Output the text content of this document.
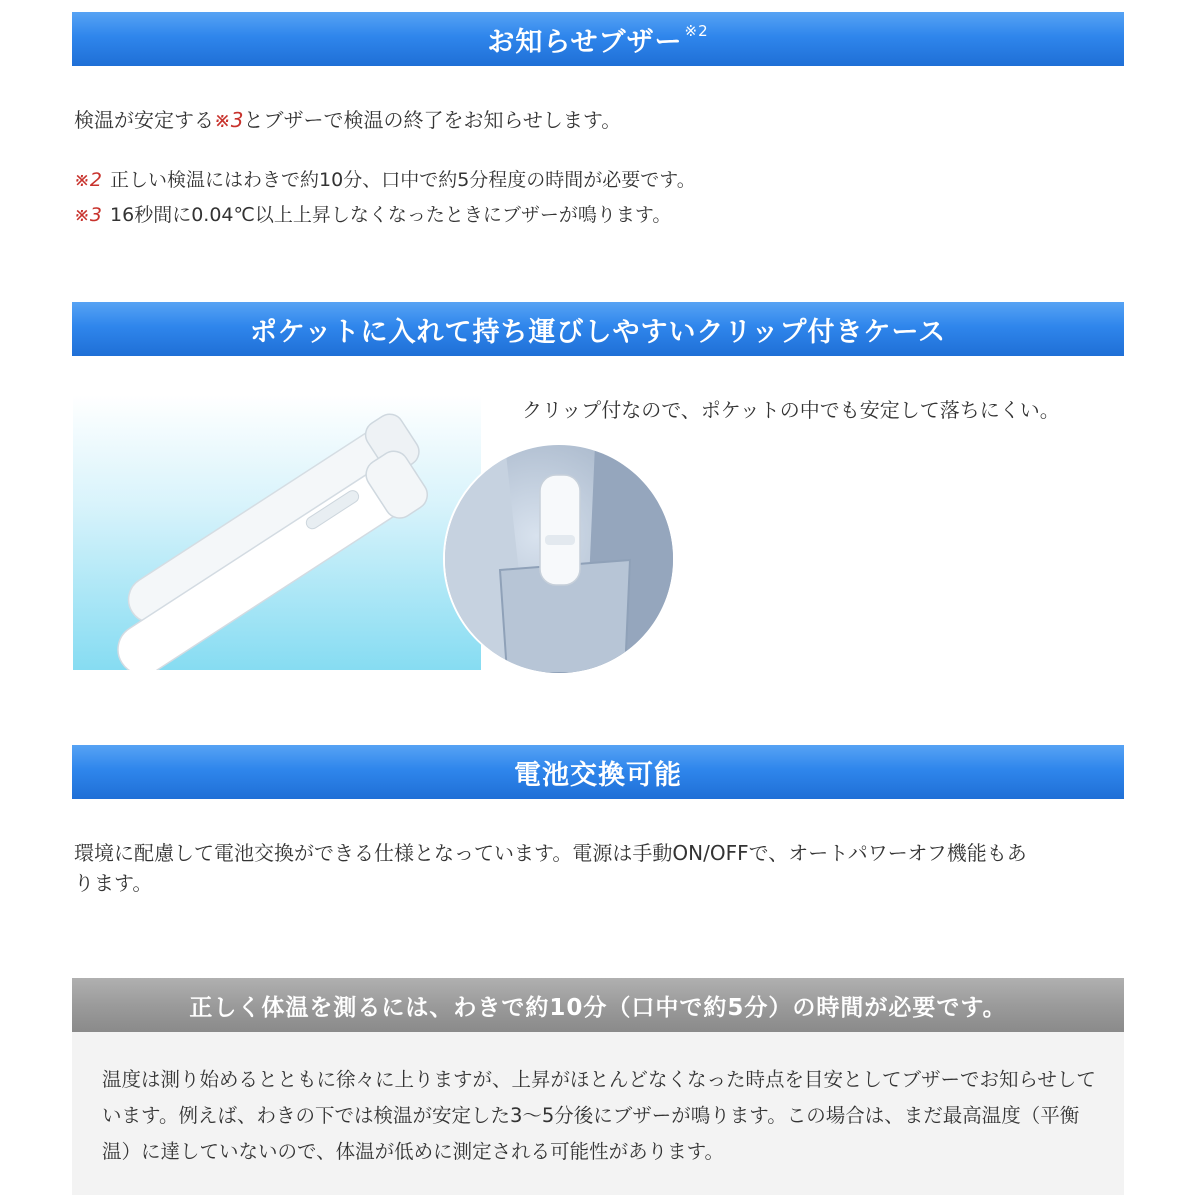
お知らせブザー$^{※2}$
検温が安定する※3とブザーで検温の終了をお知らせします。
※2 正しい検温にはわきで約10分、口中で約5分程度の時間が必要です。
※3 16秒間に0.04℃以上上昇しなくなったときにブザーが鳴ります。
ポケットに入れて持ち運びしやすいクリップ付きケース
クリップ付なので、ポケットの中でも安定して落ちにくい。
電池交換可能
環境に配慮して電池交換ができる仕様となっています。電源は手動ON/OFFで、オートパワーオフ機能もあ
ります。
正しく体温を測るには、わきで約10分（口中で約5分）の時間が必要です。

温度は測り始めるとともに徐々に上りますが、上昇がほとんどなくなった時点を目安としてブザーでお知らせしています。例えば、わきの下では検温が安定した3～5分後にブザーが鳴ります。この場合は、まだ最高温度（平衡温）に達していないので、体温が低めに測定される可能性があります。
